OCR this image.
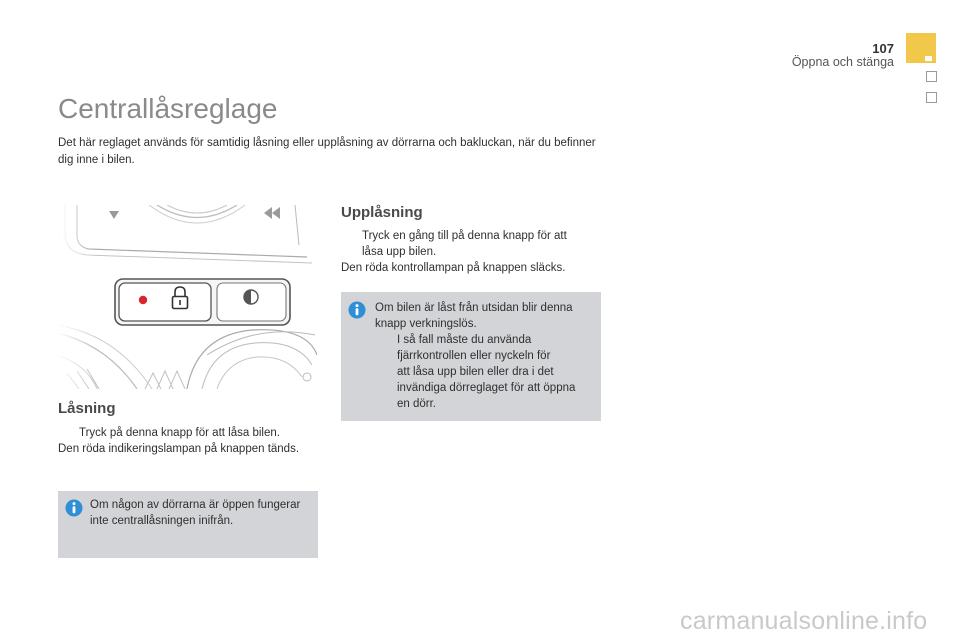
107
Öppna och stänga
Centrallåsreglage
Det här reglaget används för samtidig låsning eller upplåsning av dörrarna och bakluckan, när du befinner dig inne i bilen.
Låsning
Tryck på denna knapp för att låsa bilen.
Den röda indikeringslampan på knappen tänds.
Om någon av dörrarna är öppen fungerar inte centrallåsningen inifrån.
Upplåsning
Tryck en gång till på denna knapp för att
låsa upp bilen.
Den röda kontrollampan på knappen släcks.
Om bilen är låst från utsidan blir denna
knapp verkningslös.
I så fall måste du använda
fjärrkontrollen eller nyckeln för
att låsa upp bilen eller dra i det
invändiga dörreglaget för att öppna
en dörr.
carmanualsonline.info
